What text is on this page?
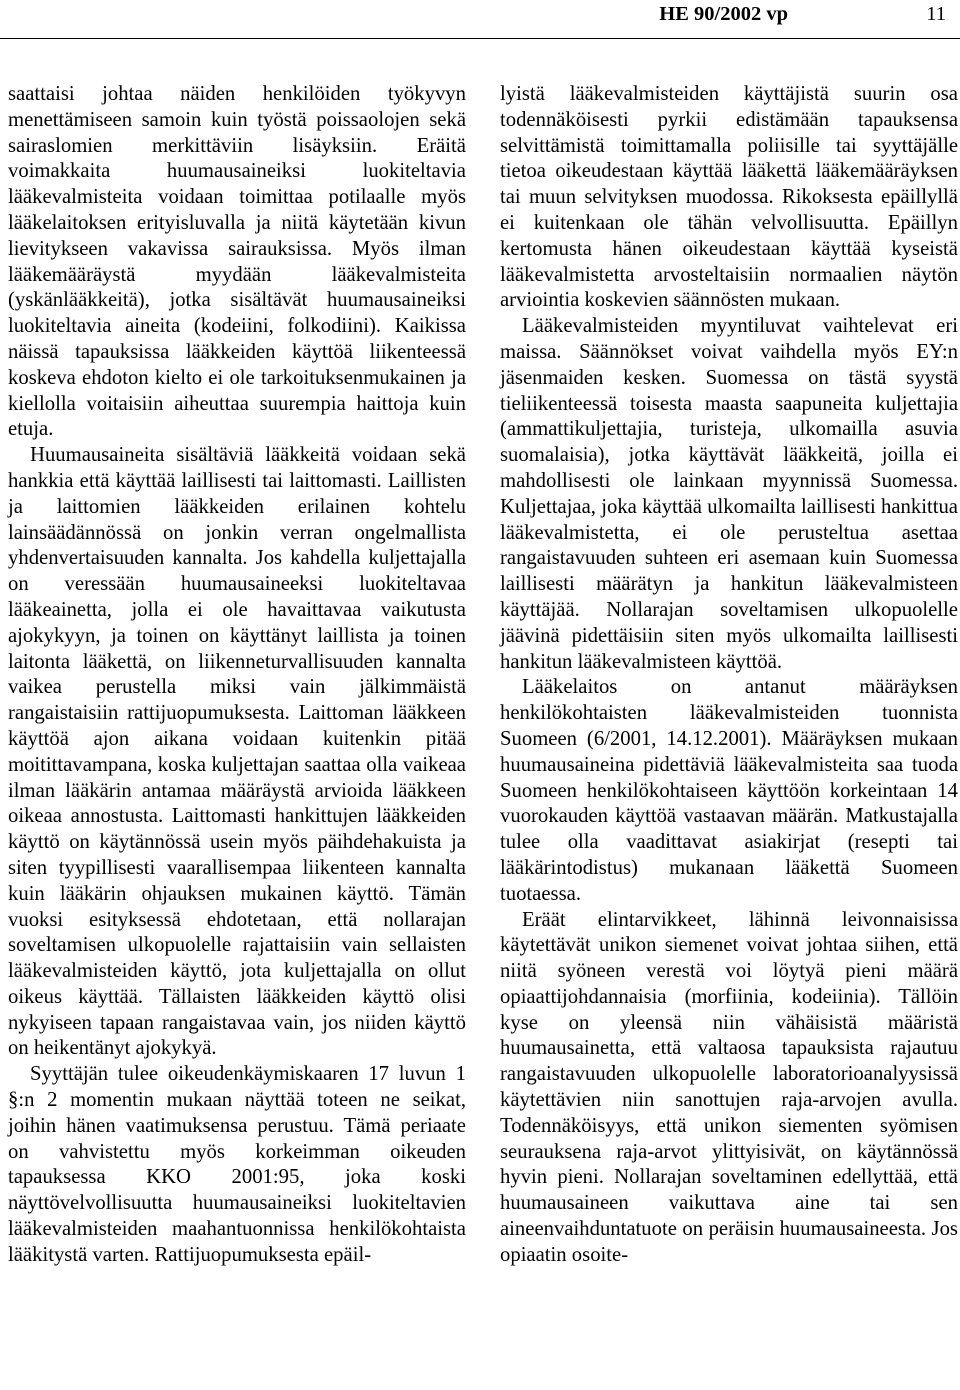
HE 90/2002 vp	11

saattaisi johtaa näiden henkilöiden työkyvyn menettämiseen samoin kuin työstä poissaolojen sekä sairaslomien merkittäviin lisäyksiin. Eräitä voimakkaita huumausaineiksi luokiteltavia lääkevalmisteita voidaan toimittaa potilaalle myös lääkelaitoksen erityisluvalla ja niitä käytetään kivun lievitykseen vakavissa sairauksissa. Myös ilman lääkemääräystä myydään lääkevalmisteita (yskänlääkkeitä), jotka sisältävät huumausaineiksi luokiteltavia aineita (kodeiini, folkodiini). Kaikissa näissä tapauksissa lääkkeiden käyttöä liikenteessä koskeva ehdoton kielto ei ole tarkoituksenmukainen ja kiellolla voitaisiin aiheuttaa suurempia haittoja kuin etuja.

Huumausaineita sisältäviä lääkkeitä voidaan sekä hankkia että käyttää laillisesti tai laittomasti. Laillisten ja laittomien lääkkeiden erilainen kohtelu lainsäädännössä on jonkin verran ongelmallista yhdenvertaisuuden kannalta. Jos kahdella kuljettajalla on veressään huumausaineeksi luokiteltavaa lääkeainetta, jolla ei ole havaittavaa vaikutusta ajokykyyn, ja toinen on käyttänyt laillista ja toinen laitonta lääkettä, on liikenneturvallisuuden kannalta vaikea perustella miksi vain jälkimmäistä rangaistaisiin rattijuopumuksesta. Laittoman lääkkeen käyttöä ajon aikana voidaan kuitenkin pitää moitittavampana, koska kuljettajan saattaa olla vaikeaa ilman lääkärin antamaa määräystä arvioida lääkkeen oikeaa annostusta. Laittomasti hankittujen lääkkeiden käyttö on käytännössä usein myös päihdehakuista ja siten tyypillisesti vaarallisempaa liikenteen kannalta kuin lääkärin ohjauksen mukainen käyttö. Tämän vuoksi esityksessä ehdotetaan, että nollarajan soveltamisen ulkopuolelle rajattaisiin vain sellaisten lääkevalmisteiden käyttö, jota kuljettajalla on ollut oikeus käyttää. Tällaisten lääkkeiden käyttö olisi nykyiseen tapaan rangaistavaa vain, jos niiden käyttö on heikentänyt ajokykyä.

Syyttäjän tulee oikeudenkäymiskaaren 17 luvun 1 §:n 2 momentin mukaan näyttää toteen ne seikat, joihin hänen vaatimuksensa perustuu. Tämä periaate on vahvistettu myös korkeimman oikeuden tapauksessa KKO 2001:95, joka koski näyttövelvollisuutta huumausaineiksi luokiteltavien lääkevalmisteiden maahantuonnissa henkilökohtaista lääkitystä varten. Rattijuopumuksesta epäil-

lyistä lääkevalmisteiden käyttäjistä suurin osa todennäköisesti pyrkii edistämään tapauksensa selvittämistä toimittamalla poliisille tai syyttäjälle tietoa oikeudestaan käyttää lääkettä lääkemääräyksen tai muun selvityksen muodossa. Rikoksesta epäillyllä ei kuitenkaan ole tähän velvollisuutta. Epäillyn kertomusta hänen oikeudestaan käyttää kyseistä lääkevalmistetta arvosteltaisiin normaalien näytön arviointia koskevien säännösten mukaan.

Lääkevalmisteiden myyntiluvat vaihtelevat eri maissa. Säännökset voivat vaihdella myös EY:n jäsenmaiden kesken. Suomessa on tästä syystä tieliikenteessä toisesta maasta saapuneita kuljettajia (ammattikuljettajia, turisteja, ulkomailla asuvia suomalaisia), jotka käyttävät lääkkeitä, joilla ei mahdollisesti ole lainkaan myynnissä Suomessa. Kuljettajaa, joka käyttää ulkomailta laillisesti hankittua lääkevalmistetta, ei ole perusteltua asettaa rangaistavuuden suhteen eri asemaan kuin Suomessa laillisesti määrätyn ja hankitun lääkevalmisteen käyttäjää. Nollarajan soveltamisen ulkopuolelle jäävinä pidettäisiin siten myös ulkomailta laillisesti hankitun lääkevalmisteen käyttöä.

Lääkelaitos on antanut määräyksen henkilökohtaisten lääkevalmisteiden tuonnista Suomeen (6/2001, 14.12.2001). Määräyksen mukaan huumausaineina pidettäviä lääkevalmisteita saa tuoda Suomeen henkilökohtaiseen käyttöön korkeintaan 14 vuorokauden käyttöä vastaavan määrän. Matkustajalla tulee olla vaadittavat asiakirjat (resepti tai lääkärintodistus) mukanaan lääkettä Suomeen tuotaessa.

Eräät elintarvikkeet, lähinnä leivonnaisissa käytettävät unikon siemenet voivat johtaa siihen, että niitä syöneen verestä voi löytyä pieni määrä opiaattijohdannaisia (morfiinia, kodeiinia). Tällöin kyse on yleensä niin vähäisistä määristä huumausainetta, että valtaosa tapauksista rajautuu rangaistavuuden ulkopuolelle laboratorioanalyysissä käytettävien niin sanottujen raja-arvojen avulla. Todennäköisyys, että unikon siementen syömisen seurauksena raja-arvot ylittyisivät, on käytännössä hyvin pieni. Nollarajan soveltaminen edellyttää, että huumausaineen vaikuttava aine tai sen aineenvaihduntatuote on peräisin huumausaineesta. Jos opiaatin osoite-
